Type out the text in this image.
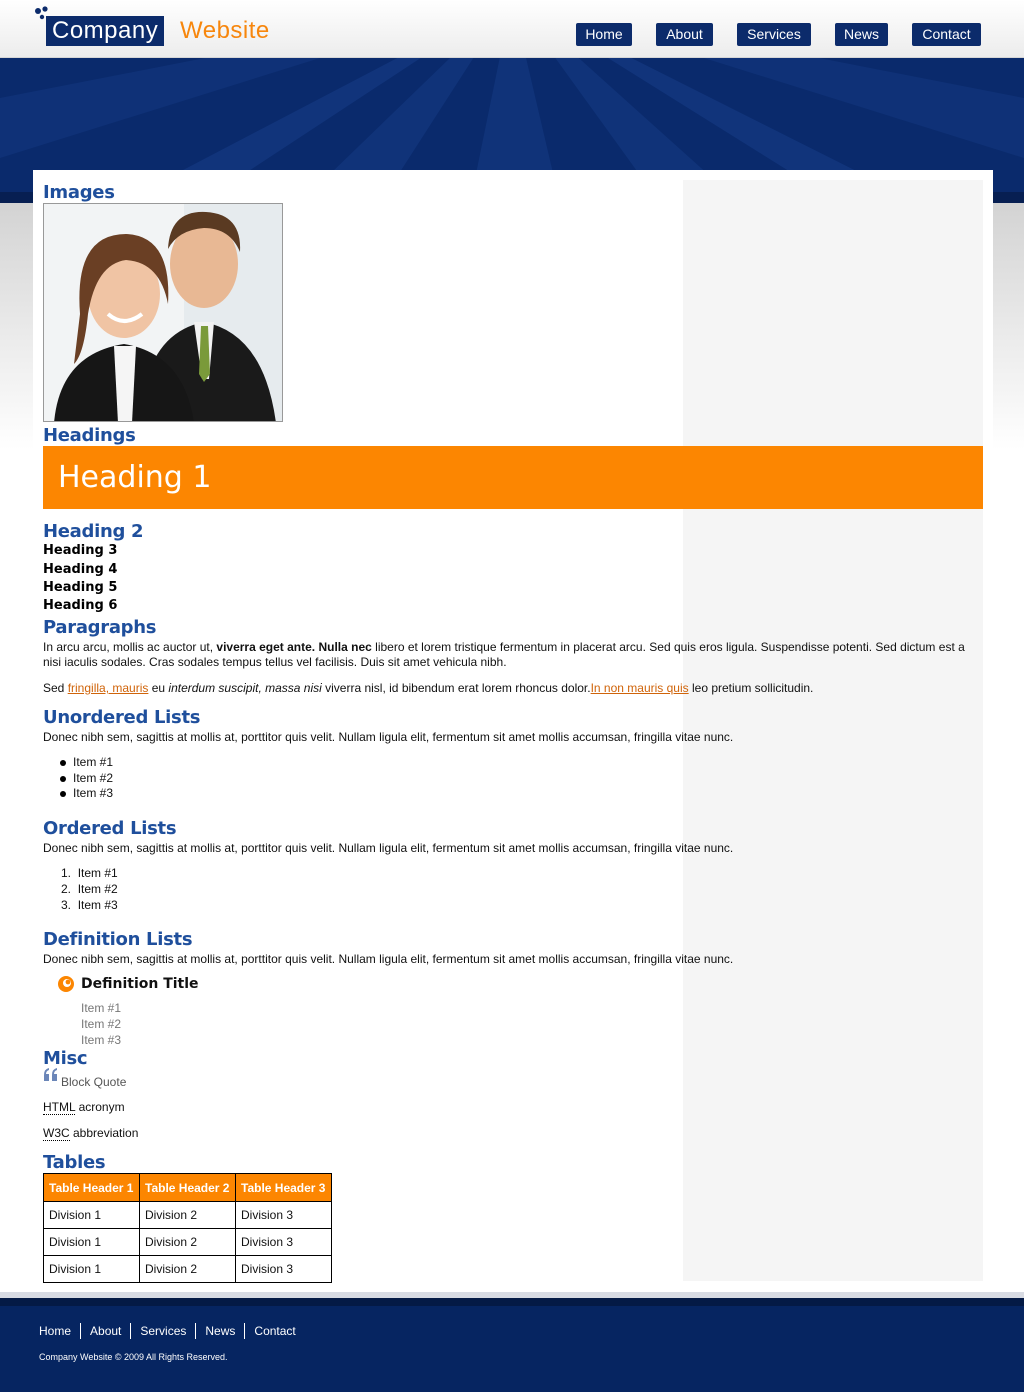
Company Website	Home	About	Services	News	Contact
Images
Headings
Heading 1
Heading 2
Heading 3
Heading 4
Heading 5
Heading 6
Paragraphs
In arcu arcu, mollis ac auctor ut, viverra eget ante. Nulla nec libero et lorem tristique fermentum in placerat arcu. Sed quis eros ligula. Suspendisse potenti. Sed dictum est a nisi iaculis sodales. Cras sodales tempus tellus vel facilisis. Duis sit amet vehicula nibh.
Sed fringilla, mauris eu interdum suscipit, massa nisi viverra nisl, id bibendum erat lorem rhoncus dolor.In non mauris quis leo pretium sollicitudin.
Unordered Lists
Donec nibh sem, sagittis at mollis at, porttitor quis velit. Nullam ligula elit, fermentum sit amet mollis accumsan, fringilla vitae nunc.
Item #1
Item #2
Item #3
Ordered Lists
Donec nibh sem, sagittis at mollis at, porttitor quis velit. Nullam ligula elit, fermentum sit amet mollis accumsan, fringilla vitae nunc.
1. Item #1
2. Item #2
3. Item #3
Definition Lists
Donec nibh sem, sagittis at mollis at, porttitor quis velit. Nullam ligula elit, fermentum sit amet mollis accumsan, fringilla vitae nunc.
Definition Title
Item #1
Item #2
Item #3
Misc
Block Quote
HTML acronym
W3C abbreviation
Tables
Table Header 1	Table Header 2	Table Header 3
Division 1	Division 2	Division 3
Division 1	Division 2	Division 3
Division 1	Division 2	Division 3
Home	About	Services	News	Contact
Company Website © 2009 All Rights Reserved.
